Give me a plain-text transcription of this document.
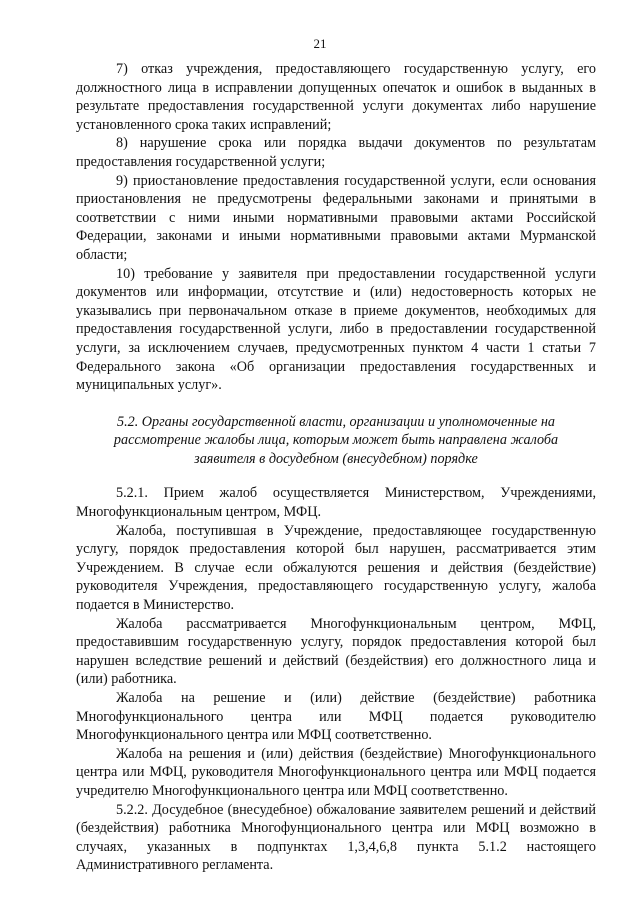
21

7) отказ учреждения, предоставляющего государственную услугу, его должностного лица в исправлении допущенных опечаток и ошибок в выданных в результате предоставления государственной услуги документах либо нарушение установленного срока таких исправлений;

8) нарушение срока или порядка выдачи документов по результатам предоставления государственной услуги;

9) приостановление предоставления государственной услуги, если основания приостановления не предусмотрены федеральными законами и принятыми в соответствии с ними иными нормативными правовыми актами Российской Федерации, законами и иными нормативными правовыми актами Мурманской области;

10) требование у заявителя при предоставлении государственной услуги документов или информации, отсутствие и (или) недостоверность которых не указывались при первоначальном отказе в приеме документов, необходимых для предоставления государственной услуги, либо в предоставлении государственной услуги, за исключением случаев, предусмотренных пунктом 4 части 1 статьи 7 Федерального закона «Об организации предоставления государственных и муниципальных услуг».

5.2. Органы государственной власти, организации и уполномоченные на рассмотрение жалобы лица, которым может быть направлена жалоба заявителя в досудебном (внесудебном) порядке

5.2.1. Прием жалоб осуществляется Министерством, Учреждениями, Многофункциональным центром, МФЦ.

Жалоба, поступившая в Учреждение, предоставляющее государственную услугу, порядок предоставления которой был нарушен, рассматривается этим Учреждением. В случае если обжалуются решения и действия (бездействие) руководителя Учреждения, предоставляющего государственную услугу, жалоба подается в Министерство.

Жалоба рассматривается Многофункциональным центром, МФЦ, предоставившим государственную услугу, порядок предоставления которой был нарушен вследствие решений и действий (бездействия) его должностного лица и (или) работника.

Жалоба на решение и (или) действие (бездействие) работника Многофункционального центра или МФЦ подается руководителю Многофункционального центра или МФЦ соответственно.

Жалоба на решения и (или) действия (бездействие) Многофункционального центра или МФЦ, руководителя Многофункционального центра или МФЦ подается учредителю Многофункционального центра или МФЦ соответственно.

5.2.2. Досудебное (внесудебное) обжалование заявителем решений и действий (бездействия) работника Многофунционального центра или МФЦ возможно в случаях, указанных в подпунктах 1,3,4,6,8 пункта 5.1.2 настоящего Административного регламента.
